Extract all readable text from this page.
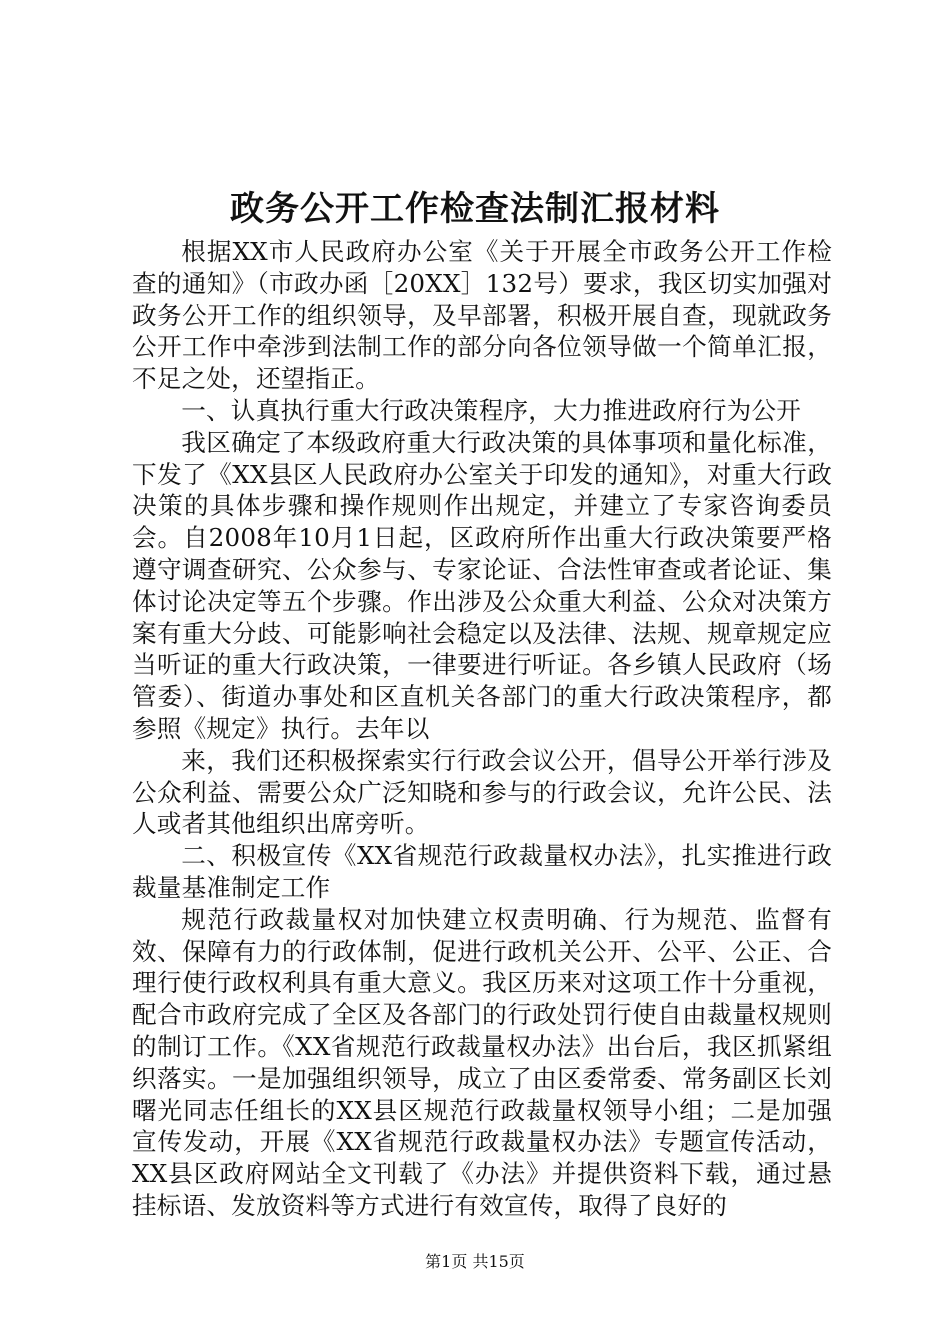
政务公开工作检查法制汇报材料

根据XX市人民政府办公室《关于开展全市政务公开工作检查的通知》（市政办函［20XX］132号）要求，我区切实加强对政务公开工作的组织领导，及早部署，积极开展自查，现就政务公开工作中牵涉到法制工作的部分向各位领导做一个简单汇报，不足之处，还望指正。

一、认真执行重大行政决策程序，大力推进政府行为公开

我区确定了本级政府重大行政决策的具体事项和量化标准，下发了《XX县区人民政府办公室关于印发的通知》，对重大行政决策的具体步骤和操作规则作出规定，并建立了专家咨询委员会。自2008年10月1日起，区政府所作出重大行政决策要严格遵守调查研究、公众参与、专家论证、合法性审查或者论证、集体讨论决定等五个步骤。作出涉及公众重大利益、公众对决策方案有重大分歧、可能影响社会稳定以及法律、法规、规章规定应当听证的重大行政决策，一律要进行听证。各乡镇人民政府（场管委）、街道办事处和区直机关各部门的重大行政决策程序，都参照《规定》执行。去年以

来，我们还积极探索实行行政会议公开，倡导公开举行涉及公众利益、需要公众广泛知晓和参与的行政会议，允许公民、法人或者其他组织出席旁听。

二、积极宣传《XX省规范行政裁量权办法》，扎实推进行政裁量基准制定工作

规范行政裁量权对加快建立权责明确、行为规范、监督有效、保障有力的行政体制，促进行政机关公开、公平、公正、合理行使行政权利具有重大意义。我区历来对这项工作十分重视，配合市政府完成了全区及各部门的行政处罚行使自由裁量权规则的制订工作。《XX省规范行政裁量权办法》出台后，我区抓紧组织落实。一是加强组织领导，成立了由区委常委、常务副区长刘曙光同志任组长的XX县区规范行政裁量权领导小组；二是加强宣传发动，开展《XX省规范行政裁量权办法》专题宣传活动，XX县区政府网站全文刊载了《办法》并提供资料下载，通过悬挂标语、发放资料等方式进行有效宣传，取得了良好的

第1页 共15页
